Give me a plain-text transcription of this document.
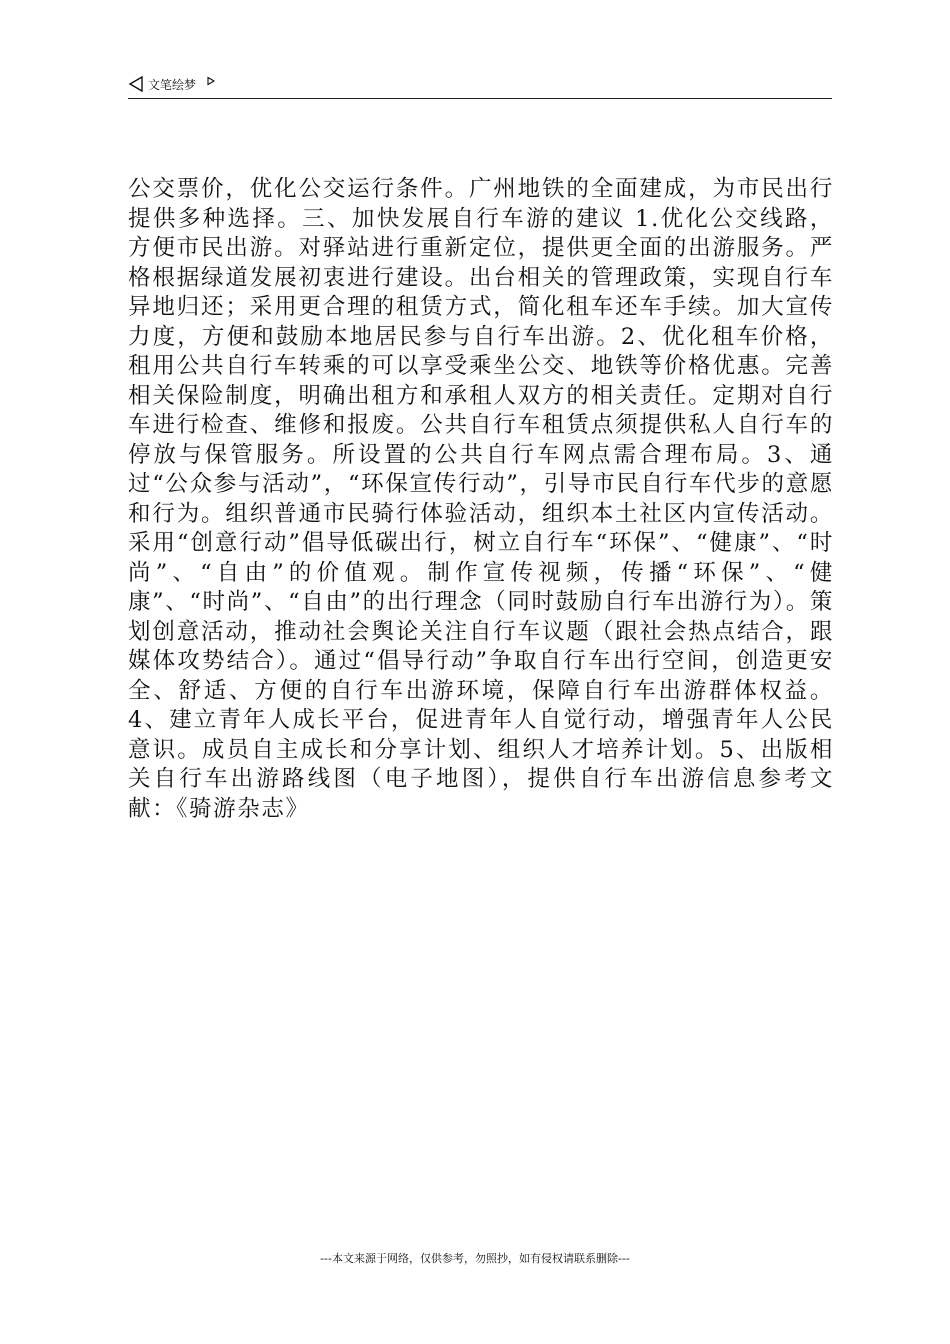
文笔绘梦
公交票价，优化公交运行条件。广州地铁的全面建成，为市民出行提供多种选择。三、加快发展自行车游的建议 1.优化公交线路，方便市民出游。对驿站进行重新定位，提供更全面的出游服务。严格根据绿道发展初衷进行建设。出台相关的管理政策，实现自行车异地归还；采用更合理的租赁方式，简化租车还车手续。加大宣传力度，方便和鼓励本地居民参与自行车出游。2、优化租车价格，租用公共自行车转乘的可以享受乘坐公交、地铁等价格优惠。完善相关保险制度，明确出租方和承租人双方的相关责任。定期对自行车进行检查、维修和报废。公共自行车租赁点须提供私人自行车的停放与保管服务。所设置的公共自行车网点需合理布局。3、通过“公众参与活动”，“环保宣传行动”，引导市民自行车代步的意愿和行为。组织普通市民骑行体验活动，组织本土社区内宣传活动。采用“创意行动”倡导低碳出行，树立自行车“环保”、“健康”、“时尚”、“自由”的价值观。制作宣传视频，传播“环保”、“健康”、“时尚”、“自由”的出行理念（同时鼓励自行车出游行为）。策划创意活动，推动社会舆论关注自行车议题（跟社会热点结合，跟媒体攻势结合）。通过“倡导行动”争取自行车出行空间，创造更安全、舒适、方便的自行车出游环境，保障自行车出游群体权益。4、建立青年人成长平台，促进青年人自觉行动，增强青年人公民意识。成员自主成长和分享计划、组织人才培养计划。5、出版相关自行车出游路线图（电子地图），提供自行车出游信息参考文献：《骑游杂志》
---本文来源于网络，仅供参考，勿照抄，如有侵权请联系删除---
